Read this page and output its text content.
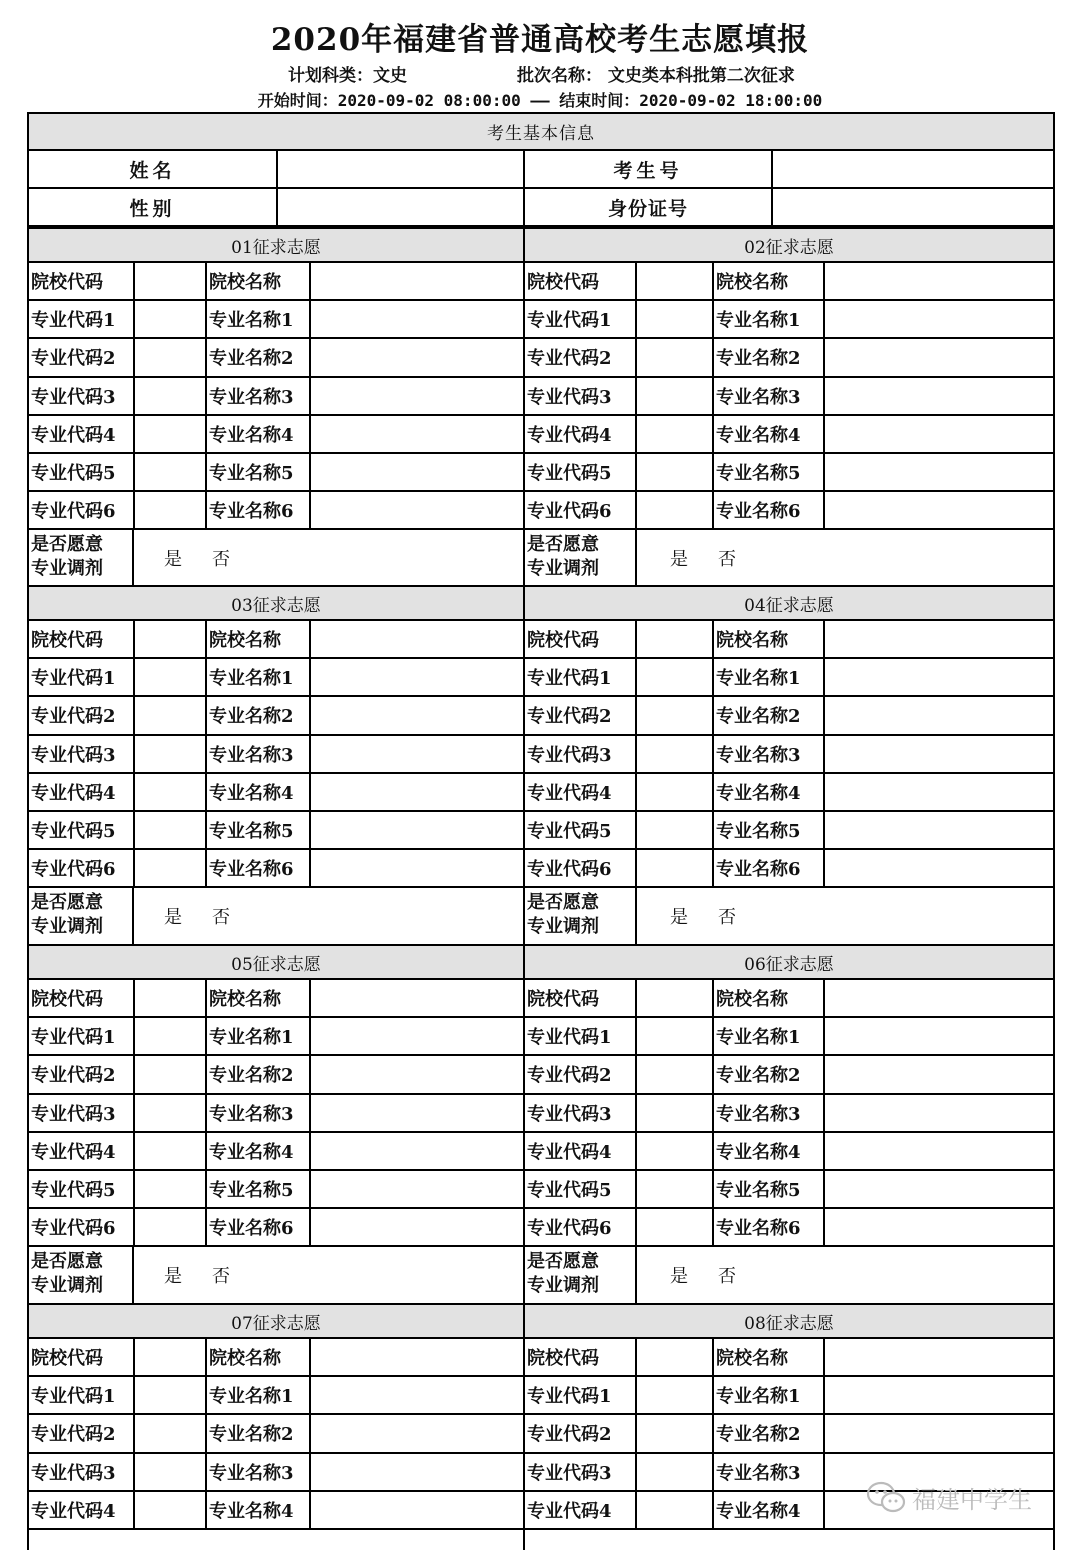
2020年福建省普通高校考生志愿填报
计划科类：文史	批次名称： 文史类本科批第二次征求
开始时间：2020-09-02 08:00:00 —— 结束时间：2020-09-02 18:00:00
考生基本信息
姓名	考生号
性别	身份证号
01征求志愿
院校代码	院校名称
专业代码1	专业名称1
专业代码2	专业名称2
专业代码3	专业名称3
专业代码4	专业名称4
专业代码5	专业名称5
专业代码6	专业名称6
是否愿意
专业调剂	是 否
02征求志愿
院校代码	院校名称
专业代码1	专业名称1
专业代码2	专业名称2
专业代码3	专业名称3
专业代码4	专业名称4
专业代码5	专业名称5
专业代码6	专业名称6
是否愿意
专业调剂	是 否
03征求志愿
院校代码	院校名称
专业代码1	专业名称1
专业代码2	专业名称2
专业代码3	专业名称3
专业代码4	专业名称4
专业代码5	专业名称5
专业代码6	专业名称6
是否愿意
专业调剂	是 否
04征求志愿
院校代码	院校名称
专业代码1	专业名称1
专业代码2	专业名称2
专业代码3	专业名称3
专业代码4	专业名称4
专业代码5	专业名称5
专业代码6	专业名称6
是否愿意
专业调剂	是 否
05征求志愿
院校代码	院校名称
专业代码1	专业名称1
专业代码2	专业名称2
专业代码3	专业名称3
专业代码4	专业名称4
专业代码5	专业名称5
专业代码6	专业名称6
是否愿意
专业调剂	是 否
06征求志愿
院校代码	院校名称
专业代码1	专业名称1
专业代码2	专业名称2
专业代码3	专业名称3
专业代码4	专业名称4
专业代码5	专业名称5
专业代码6	专业名称6
是否愿意
专业调剂	是 否
07征求志愿
院校代码	院校名称
专业代码1	专业名称1
专业代码2	专业名称2
专业代码3	专业名称3
专业代码4	专业名称4
08征求志愿
院校代码	院校名称
专业代码1	专业名称1
专业代码2	专业名称2
专业代码3	专业名称3
专业代码4	专业名称4	福建中学生
